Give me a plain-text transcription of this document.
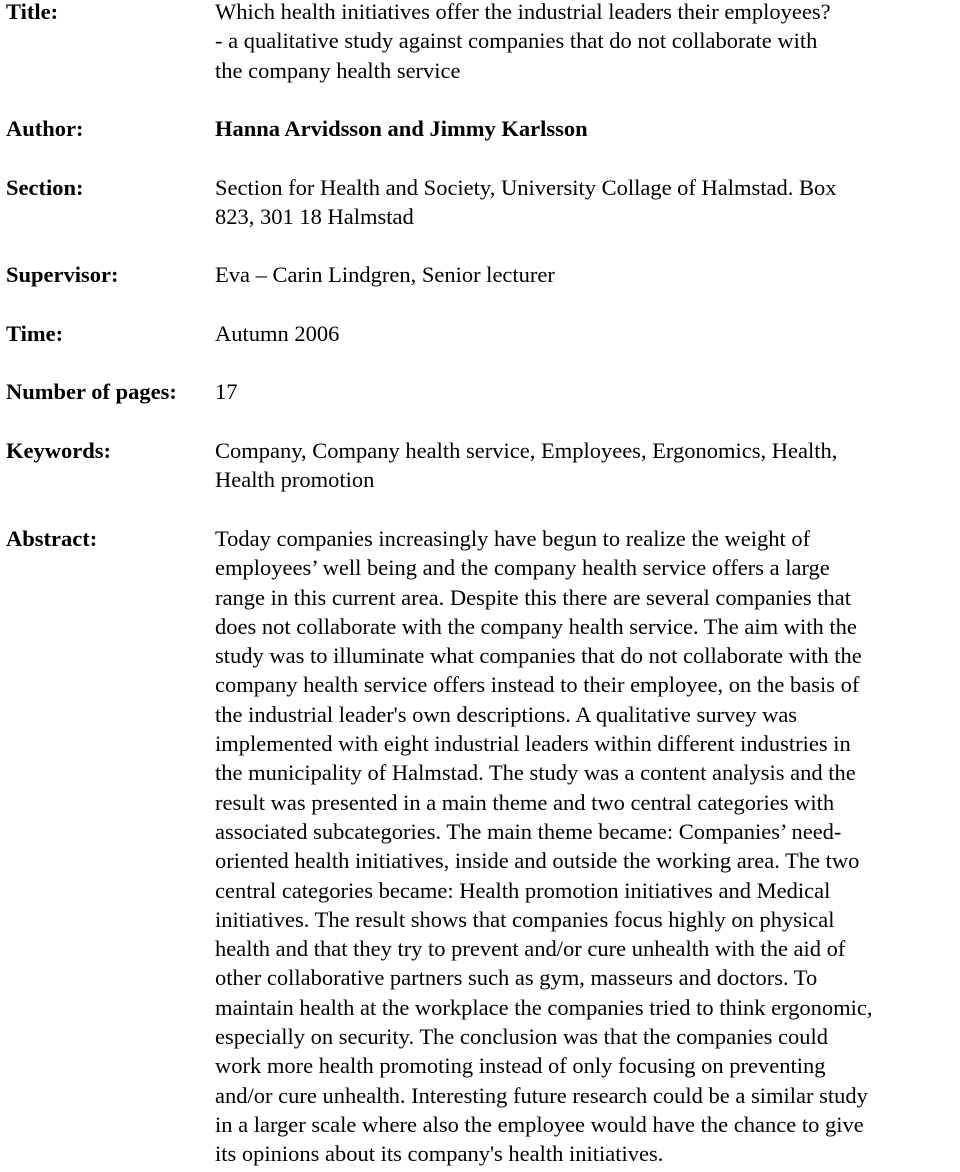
Title:	Which health initiatives offer the industrial leaders their employees?
- a qualitative study against companies that do not collaborate with
the company health service
Author:	Hanna Arvidsson and Jimmy Karlsson
Section:	Section for Health and Society, University Collage of Halmstad. Box
823, 301 18 Halmstad
Supervisor:	Eva – Carin Lindgren, Senior lecturer
Time:	Autumn 2006
Number of pages: 17
Keywords:	Company, Company health service, Employees, Ergonomics, Health,
Health promotion
Abstract:	Today companies increasingly have begun to realize the weight of
employees’ well being and the company health service offers a large
range in this current area. Despite this there are several companies that
does not collaborate with the company health service. The aim with the
study was to illuminate what companies that do not collaborate with the
company health service offers instead to their employee, on the basis of
the industrial leader's own descriptions. A qualitative survey was
implemented with eight industrial leaders within different industries in
the municipality of Halmstad. The study was a content analysis and the
result was presented in a main theme and two central categories with
associated subcategories. The main theme became: Companies’ need-
oriented health initiatives, inside and outside the working area. The two
central categories became: Health promotion initiatives and Medical
initiatives. The result shows that companies focus highly on physical
health and that they try to prevent and/or cure unhealth with the aid of
other collaborative partners such as gym, masseurs and doctors. To
maintain health at the workplace the companies tried to think ergonomic,
especially on security. The conclusion was that the companies could
work more health promoting instead of only focusing on preventing
and/or cure unhealth. Interesting future research could be a similar study
in a larger scale where also the employee would have the chance to give
its opinions about its company's health initiatives.
